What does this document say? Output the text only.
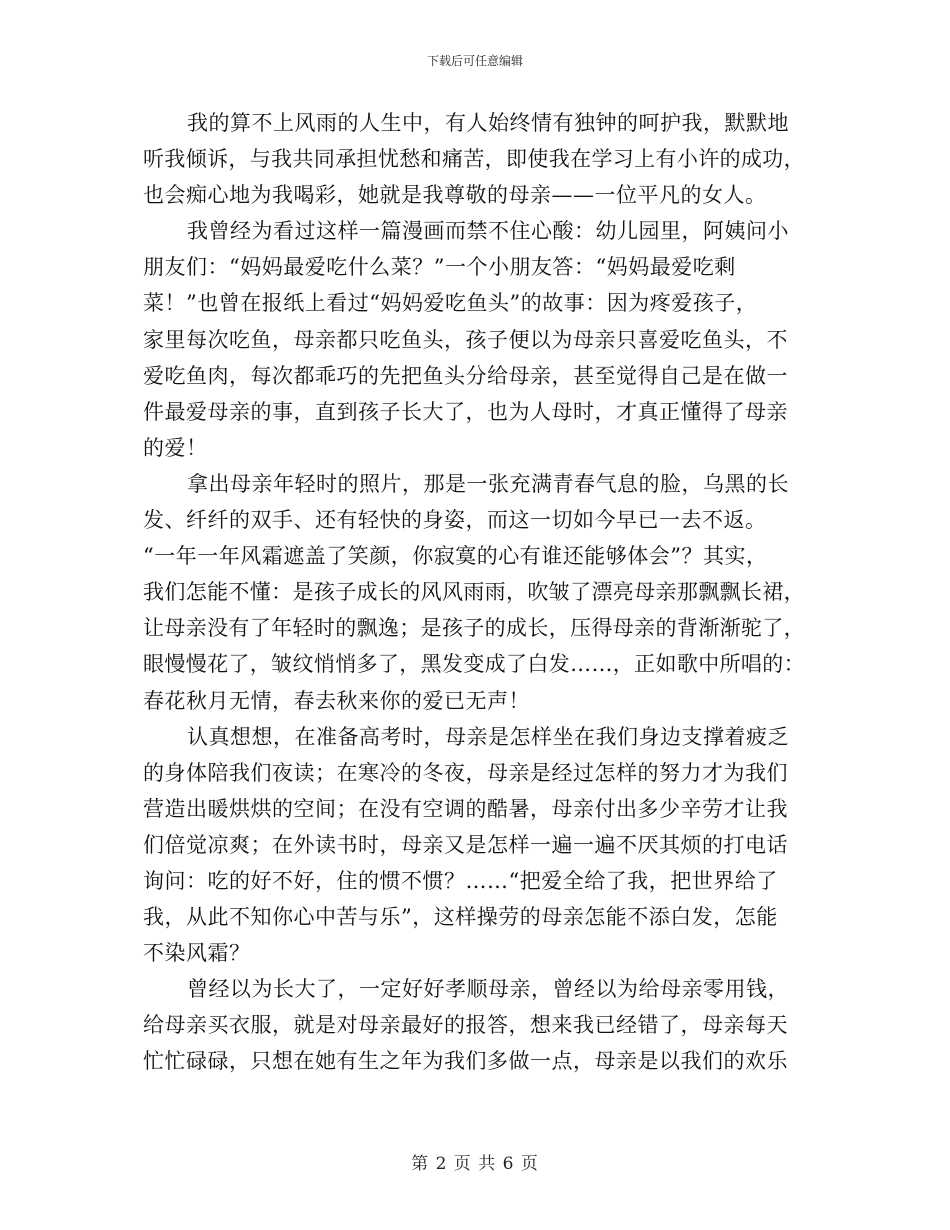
下载后可任意编辑
我的算不上风雨的人生中，有人始终情有独钟的呵护我，默默地
听我倾诉，与我共同承担忧愁和痛苦，即使我在学习上有小许的成功，
也会痴心地为我喝彩，她就是我尊敬的母亲——一位平凡的女人。
我曾经为看过这样一篇漫画而禁不住心酸：幼儿园里，阿姨问小
朋友们：“妈妈最爱吃什么菜？”一个小朋友答：“妈妈最爱吃剩
菜！”也曾在报纸上看过“妈妈爱吃鱼头”的故事：因为疼爱孩子，
家里每次吃鱼，母亲都只吃鱼头，孩子便以为母亲只喜爱吃鱼头，不
爱吃鱼肉，每次都乖巧的先把鱼头分给母亲，甚至觉得自己是在做一
件最爱母亲的事，直到孩子长大了，也为人母时，才真正懂得了母亲
的爱！
拿出母亲年轻时的照片，那是一张充满青春气息的脸，乌黑的长
发、纤纤的双手、还有轻快的身姿，而这一切如今早已一去不返。
“一年一年风霜遮盖了笑颜，你寂寞的心有谁还能够体会”？其实，
我们怎能不懂：是孩子成长的风风雨雨，吹皱了漂亮母亲那飘飘长裙，
让母亲没有了年轻时的飘逸；是孩子的成长，压得母亲的背渐渐驼了，
眼慢慢花了，皱纹悄悄多了，黑发变成了白发……，正如歌中所唱的：
春花秋月无情，春去秋来你的爱已无声！
认真想想，在准备高考时，母亲是怎样坐在我们身边支撑着疲乏
的身体陪我们夜读；在寒冷的冬夜，母亲是经过怎样的努力才为我们
营造出暖烘烘的空间；在没有空调的酷暑，母亲付出多少辛劳才让我
们倍觉凉爽；在外读书时，母亲又是怎样一遍一遍不厌其烦的打电话
询问：吃的好不好，住的惯不惯？……“把爱全给了我，把世界给了
我，从此不知你心中苦与乐”，这样操劳的母亲怎能不添白发，怎能
不染风霜？
曾经以为长大了，一定好好孝顺母亲，曾经以为给母亲零用钱，
给母亲买衣服，就是对母亲最好的报答，想来我已经错了，母亲每天
忙忙碌碌，只想在她有生之年为我们多做一点，母亲是以我们的欢乐
第 2 页 共 6 页
